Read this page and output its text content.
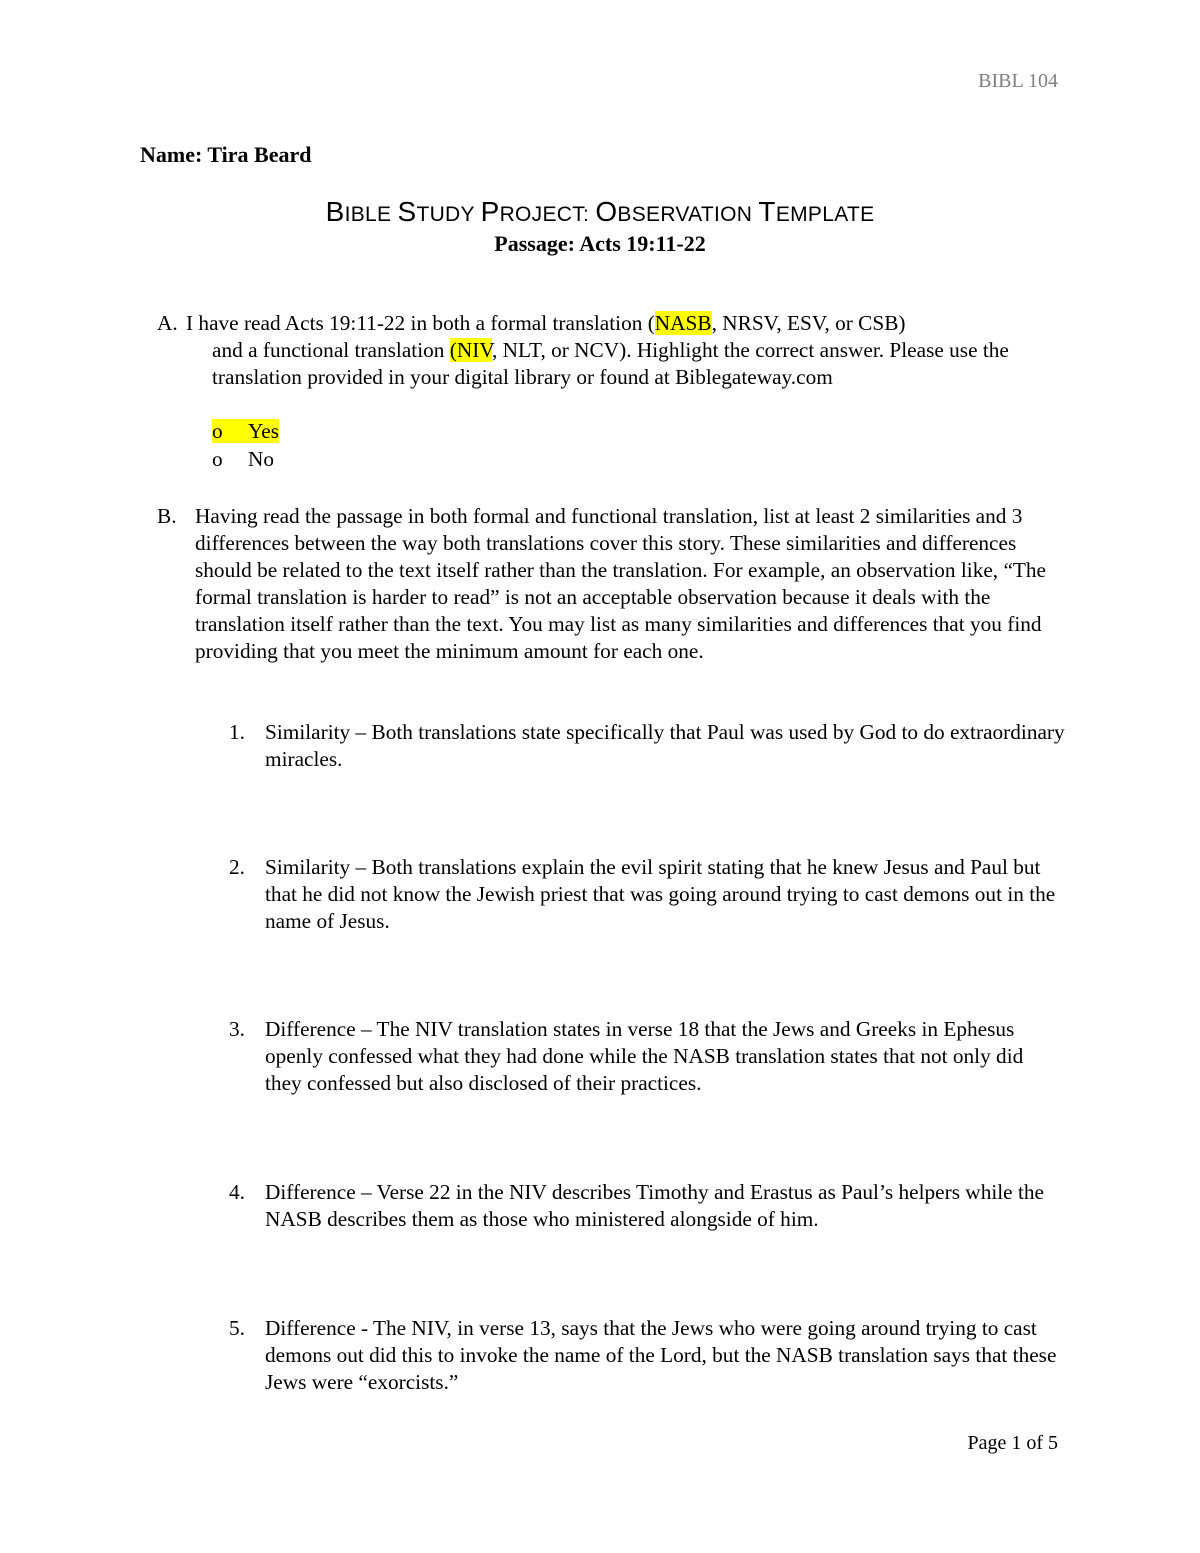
BIBL 104
Name: Tira Beard
BIBLE STUDY PROJECT: OBSERVATION TEMPLATE
Passage: Acts 19:11-22
A. I have read Acts 19:11-22 in both a formal translation (NASB, NRSV, ESV, or CSB)
and a functional translation (NIV, NLT, or NCV). Highlight the correct answer. Please use the translation provided in your digital library or found at Biblegateway.com
o Yes
o No
B. Having read the passage in both formal and functional translation, list at least 2 similarities and 3 differences between the way both translations cover this story. These similarities and differences should be related to the text itself rather than the translation. For example, an observation like, “The formal translation is harder to read” is not an acceptable observation because it deals with the translation itself rather than the text. You may list as many similarities and differences that you find providing that you meet the minimum amount for each one.
1. Similarity – Both translations state specifically that Paul was used by God to do extraordinary miracles.
2. Similarity – Both translations explain the evil spirit stating that he knew Jesus and Paul but that he did not know the Jewish priest that was going around trying to cast demons out in the name of Jesus.
3. Difference – The NIV translation states in verse 18 that the Jews and Greeks in Ephesus openly confessed what they had done while the NASB translation states that not only did they confessed but also disclosed of their practices.
4. Difference – Verse 22 in the NIV describes Timothy and Erastus as Paul’s helpers while the NASB describes them as those who ministered alongside of him.
5. Difference - The NIV, in verse 13, says that the Jews who were going around trying to cast demons out did this to invoke the name of the Lord, but the NASB translation says that these Jews were “exorcists.”
Page 1 of 5
